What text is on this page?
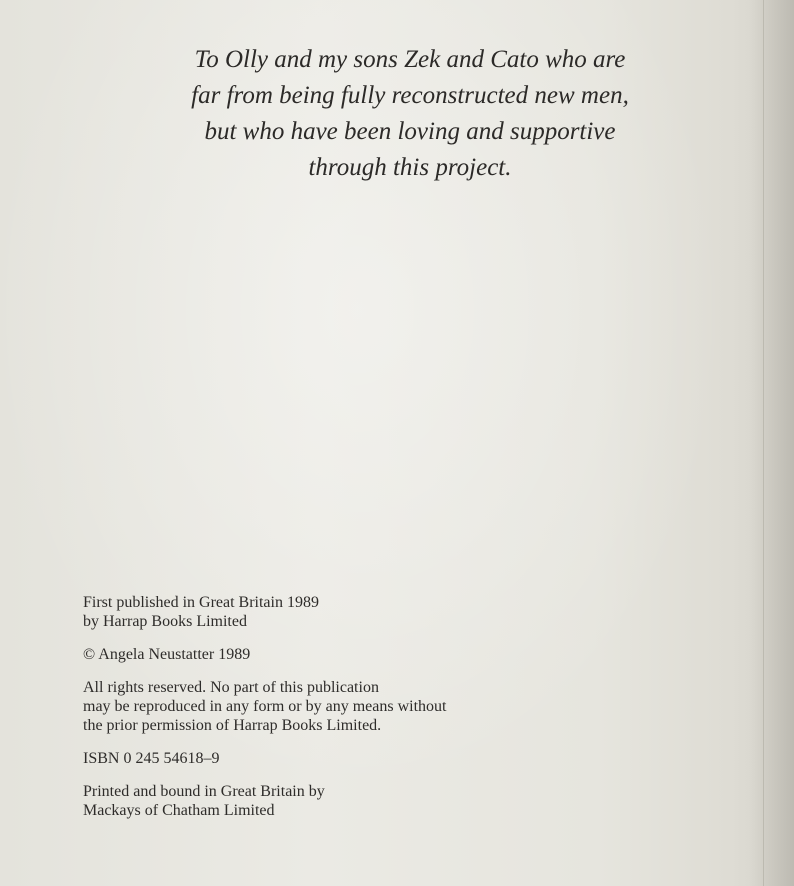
To Olly and my sons Zek and Cato who are
far from being fully reconstructed new men,
but who have been loving and supportive
through this project.
First published in Great Britain 1989
by Harrap Books Limited
© Angela Neustatter 1989
All rights reserved. No part of this publication
may be reproduced in any form or by any means without
the prior permission of Harrap Books Limited.
ISBN 0 245 54618–9
Printed and bound in Great Britain by
Mackays of Chatham Limited
